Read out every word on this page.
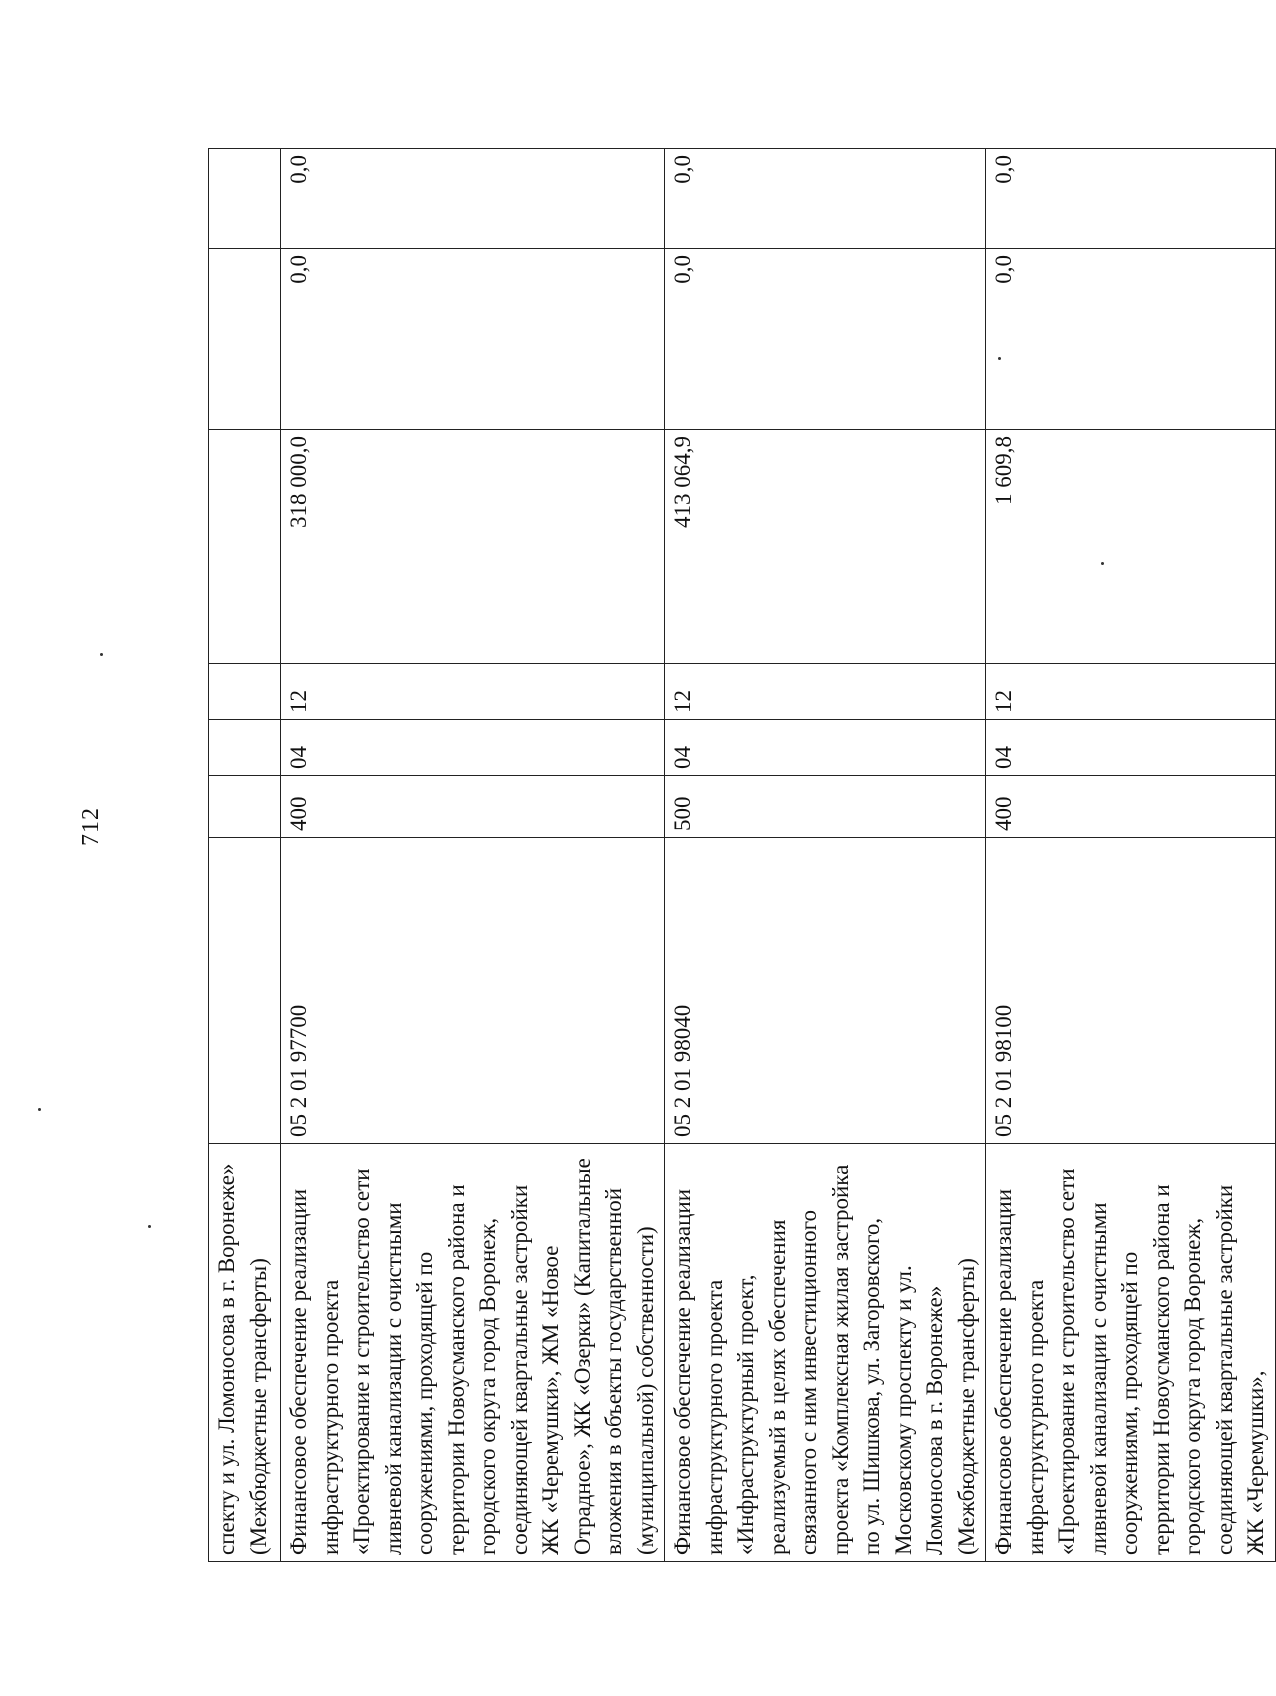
712
спекту и ул. Ломоносова в г. Воронеже» (Межбюджетные трансферты)							
Финансовое обеспечение реализации инфраструктурного проекта «Проектирование и строительство сети ливневой канализации с очистными сооружениями, проходящей по территории Новоусманского района и городского округа город Воронеж, соединяющей квартальные застройки ЖК «Черемушки», ЖМ «Новое Отрадное», ЖК «Озерки» (Капитальные вложения в объекты государственной (муниципальной) собственности)	05 2 01 97700	400	04	12	318 000,0	0,0	0,0
Финансовое обеспечение реализации инфраструктурного проекта «Инфраструктурный проект, реализуемый в целях обеспечения связанного с ним инвестиционного проекта «Комплексная жилая застройка по ул. Шишкова, ул. Загоровского, Московскому проспекту и ул. Ломоносова в г. Воронеже» (Межбюджетные трансферты)	05 2 01 98040	500	04	12	413 064,9	0,0	0,0
Финансовое обеспечение реализации инфраструктурного проекта «Проектирование и строительство сети ливневой канализации с очистными сооружениями, проходящей по территории Новоусманского района и городского округа город Воронеж, соединяющей квартальные застройки ЖК «Черемушки»,	05 2 01 98100	400	04	12	1 609,8	0,0	0,0
